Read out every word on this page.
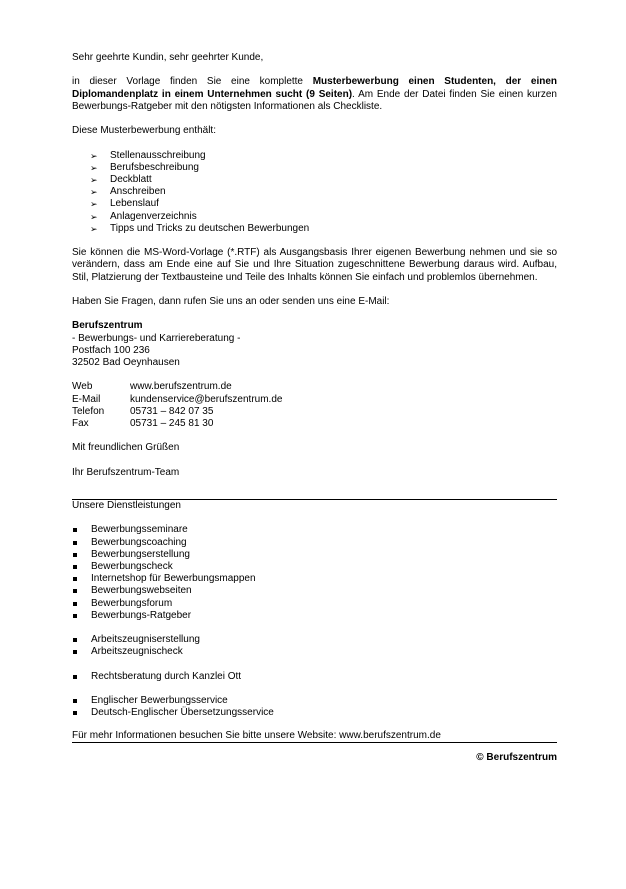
Sehr geehrte Kundin, sehr geehrter Kunde,
in dieser Vorlage finden Sie eine komplette Musterbewerbung einen Studenten, der einen Diplomandenplatz in einem Unternehmen sucht (9 Seiten). Am Ende der Datei finden Sie einen kurzen Bewerbungs-Ratgeber mit den nötigsten Informationen als Checkliste.
Diese Musterbewerbung enthält:
➢ Stellenausschreibung
➢ Berufsbeschreibung
➢ Deckblatt
➢ Anschreiben
➢ Lebenslauf
➢ Anlagenverzeichnis
➢ Tipps und Tricks zu deutschen Bewerbungen
Sie können die MS-Word-Vorlage (*.RTF) als Ausgangsbasis Ihrer eigenen Bewerbung nehmen und sie so verändern, dass am Ende eine auf Sie und Ihre Situation zugeschnittene Bewerbung daraus wird. Aufbau, Stil, Platzierung der Textbausteine und Teile des Inhalts können Sie einfach und problemlos übernehmen.
Haben Sie Fragen, dann rufen Sie uns an oder senden uns eine E-Mail:
Berufszentrum
- Bewerbungs- und Karriereberatung -
Postfach 100 236
32502 Bad Oeynhausen
Web	www.berufszentrum.de
E-Mail	kundenservice@berufszentrum.de
Telefon	05731 – 842 07 35
Fax	05731 – 245 81 30
Mit freundlichen Grüßen
Ihr Berufszentrum-Team
Unsere Dienstleistungen
Bewerbungsseminare
Bewerbungscoaching
Bewerbungserstellung
Bewerbungscheck
Internetshop für Bewerbungsmappen
Bewerbungswebseiten
Bewerbungsforum
Bewerbungs-Ratgeber
Arbeitszeugniserstellung
Arbeitszeugnischeck
Rechtsberatung durch Kanzlei Ott
Englischer Bewerbungsservice
Deutsch-Englischer Übersetzungsservice
Für mehr Informationen besuchen Sie bitte unsere Website: www.berufszentrum.de
© Berufszentrum
